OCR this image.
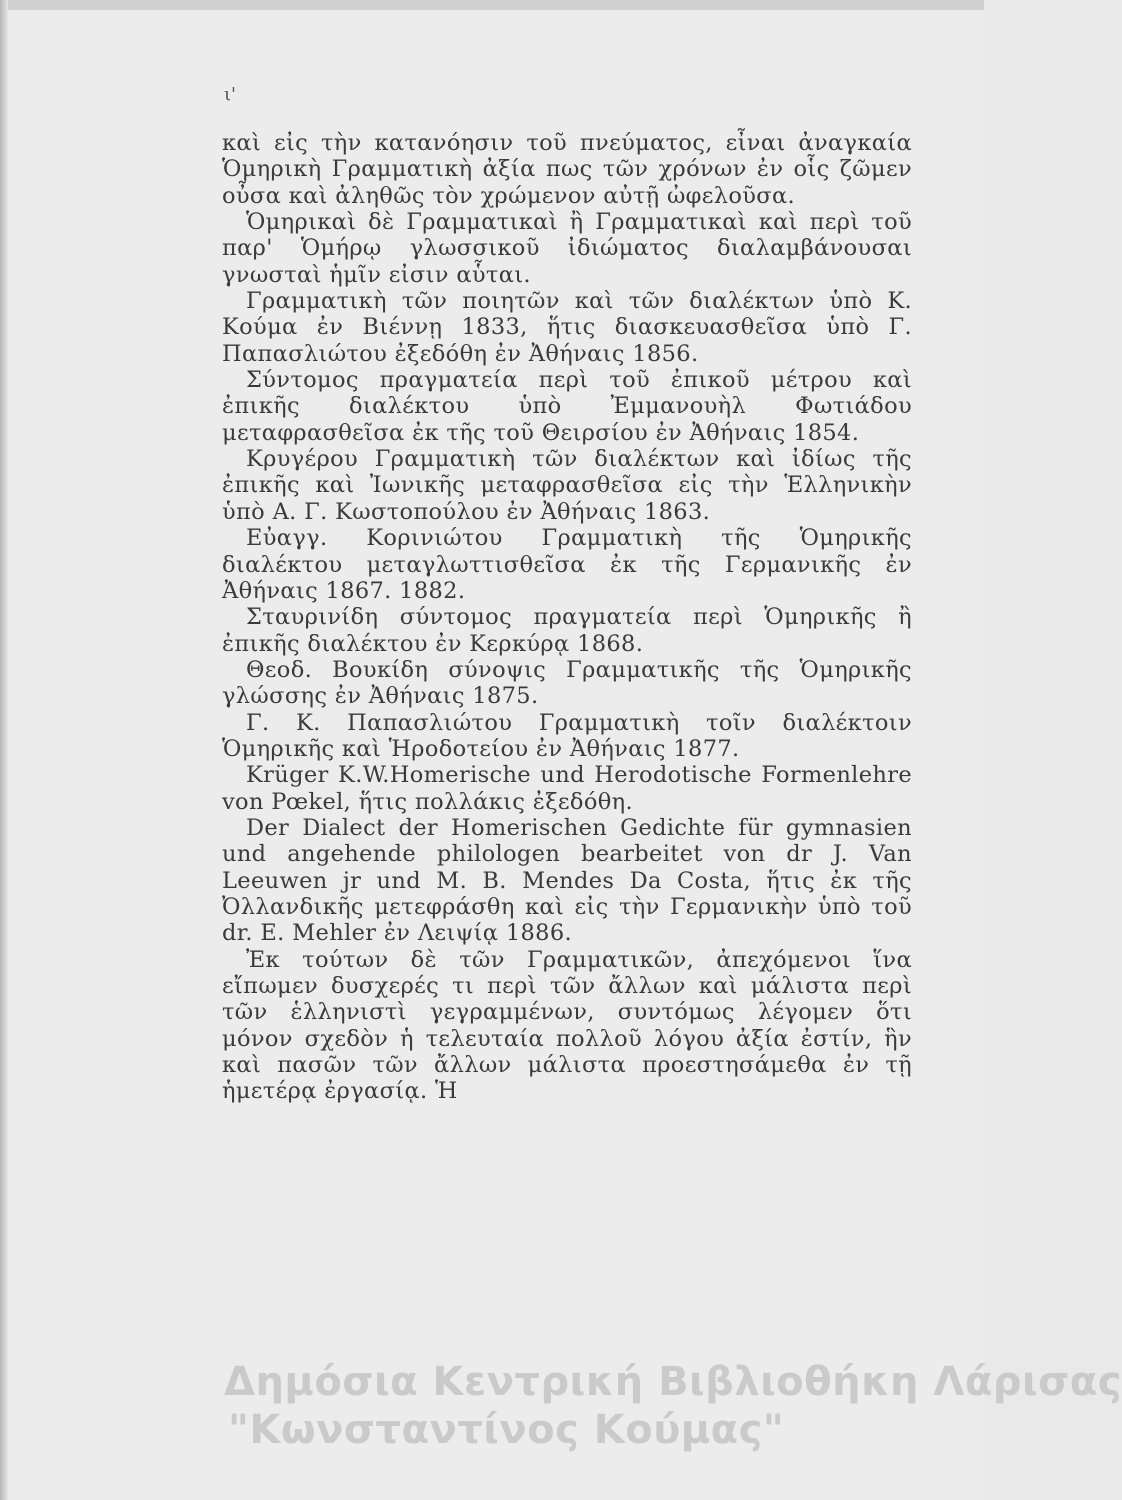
ι'

καὶ εἰς τὴν κατανόησιν τοῦ πνεύματος, εἶναι ἀναγκαία Ὁμηρικὴ Γραμματικὴ ἀξία πως τῶν χρόνων ἐν οἷς ζῶμεν οὖσα καὶ ἀληθῶς τὸν χρώμενον αὐτῇ ὠφελοῦσα.

Ὁμηρικαὶ δὲ Γραμματικαὶ ἢ Γραμματικαὶ καὶ περὶ τοῦ παρ' Ὁμήρῳ γλωσσικοῦ ἰδιώματος διαλαμβάνουσαι γνωσταὶ ἡμῖν εἰσιν αὗται.

Γραμματικὴ τῶν ποιητῶν καὶ τῶν διαλέκτων ὑπὸ Κ. Κούμα ἐν Βιέννῃ 1833, ἥτις διασκευασθεῖσα ὑπὸ Γ. Παπασλιώτου ἐξεδόθη ἐν Ἀθήναις 1856.

Σύντομος πραγματεία περὶ τοῦ ἐπικοῦ μέτρου καὶ ἐπικῆς διαλέκτου ὑπὸ Ἐμμανουὴλ Φωτιάδου μεταφρασθεῖσα ἐκ τῆς τοῦ Θειρσίου ἐν Ἀθήναις 1854.

Κρυγέρου Γραμματικὴ τῶν διαλέκτων καὶ ἰδίως τῆς ἐπικῆς καὶ Ἰωνικῆς μεταφρασθεῖσα εἰς τὴν Ἑλληνικὴν ὑπὸ Α. Γ. Κωστοπούλου ἐν Ἀθήναις 1863.

Εὐαγγ. Κορινιώτου Γραμματικὴ τῆς Ὁμηρικῆς διαλέκτου μεταγλωττισθεῖσα ἐκ τῆς Γερμανικῆς ἐν Ἀθήναις 1867. 1882.

Σταυρινίδη σύντομος πραγματεία περὶ Ὁμηρικῆς ἢ ἐπικῆς διαλέκτου ἐν Κερκύρᾳ 1868.

Θεοδ. Βουκίδη σύνοψις Γραμματικῆς τῆς Ὁμηρικῆς γλώσσης ἐν Ἀθήναις 1875.

Γ. Κ. Παπασλιώτου Γραμματικὴ τοῖν διαλέκτοιν Ὁμηρικῆς καὶ Ἡροδοτείου ἐν Ἀθήναις 1877.

Krüger K.W.Homerische und Herodotische Formenlehre von Pœkel, ἥτις πολλάκις ἐξεδόθη.

Der Dialect der Homerischen Gedichte für gymnasien und angehende philologen bearbeitet von dr J. Van Leeuwen jr und M. B. Mendes Da Costa, ἥτις ἐκ τῆς Ὀλλανδικῆς μετεφράσθη καὶ εἰς τὴν Γερμανικὴν ὑπὸ τοῦ dr. E. Mehler ἐν Λειψίᾳ 1886.

Ἐκ τούτων δὲ τῶν Γραμματικῶν, ἀπεχόμενοι ἵνα εἴπωμεν δυσχερές τι περὶ τῶν ἄλλων καὶ μάλιστα περὶ τῶν ἑλληνιστὶ γεγραμμένων, συντόμως λέγομεν ὅτι μόνον σχεδὸν ἡ τελευταία πολλοῦ λόγου ἀξία ἐστίν, ἣν καὶ πασῶν τῶν ἄλλων μάλιστα προεστησάμεθα ἐν τῇ ἡμετέρᾳ ἐργασίᾳ. Ἡ

Δημόσια Κεντρική Βιβλιοθήκη Λάρισας
"Κωνσταντίνος Κούμας"
